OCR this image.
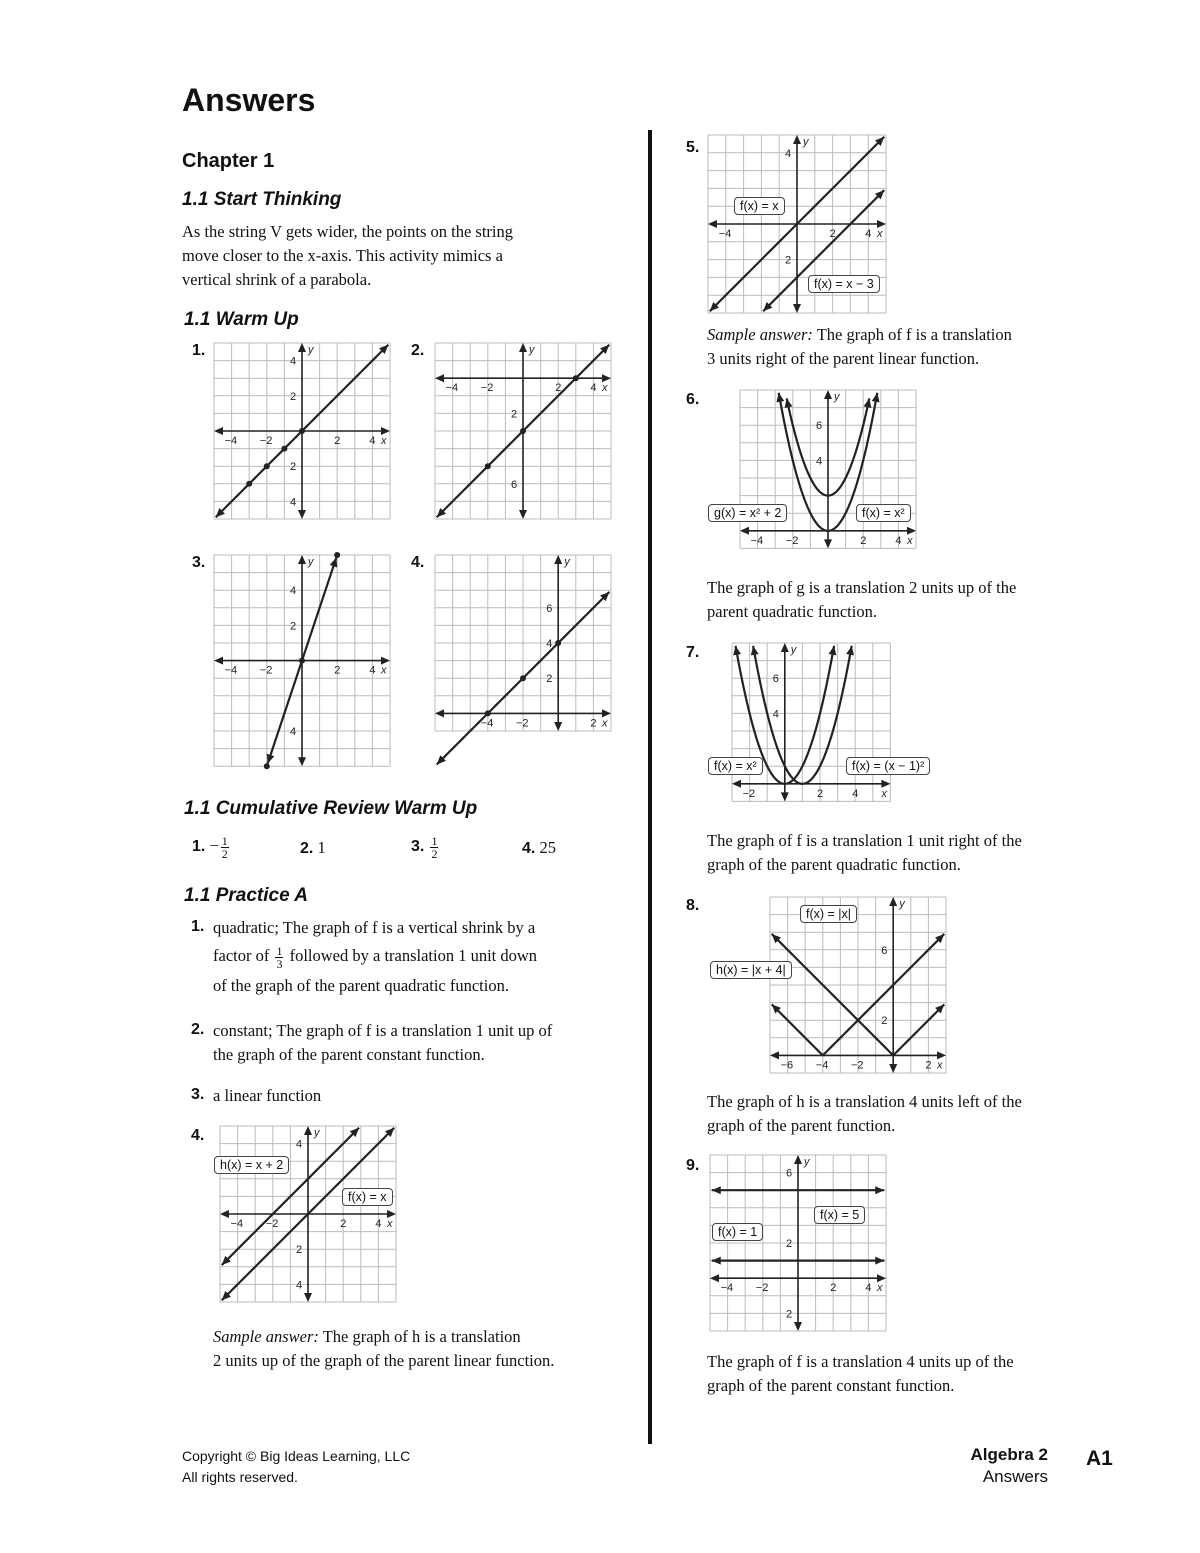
Answers
Chapter 1
1.1 Start Thinking
As the string V gets wider, the points on the string
move closer to the x-axis. This activity mimics a
vertical shrink of a parabola.
1.1 Warm Up
1.	2.
3.	4.
−4 −2	2	4
4
2
2
4
x
y
−4 −2	2	4
2
6
x
y
−4 −2	2	4
4
2
4
x
y
−4 −2	2
6
4
2
x
y
1.1 Cumulative Review Warm Up
1. − $\frac{1}{2}$	2. 1	3. $\frac{1}{2}$	4. 25
1.1 Practice A
1. quadratic; The graph of f is a vertical shrink by a
factor of $\frac{1}{3}$ followed by a translation 1 unit down
of the graph of the parent quadratic function.
2. constant; The graph of f is a translation 1 unit up of
the graph of the parent constant function.
3. a linear function
4.
−4 −2	2	4
4
2
4
x
y
Sample answer: The graph of h is a translation
2 units up of the graph of the parent linear function.
5.
−4	2	4
4
2
x
y
Sample answer: The graph of f is a translation
3 units right of the parent linear function.
6.
−4 −2	2	4
6
4
x
y
The graph of g is a translation 2 units up of the
parent quadratic function.
7.
−2	2	4
6
4
x
y
The graph of f is a translation 1 unit right of the
graph of the parent quadratic function.
8.
−6 −4 −2	2
6
2
x
y
The graph of h is a translation 4 units left of the
graph of the parent function.
9.
−4 −2	2	4
6
2
2
x
y
The graph of f is a translation 4 units up of the
graph of the parent constant function.
Copyright © Big Ideas Learning, LLC
All rights reserved.
Algebra 2
Answers
A1
h(x) = x + 2
f(x) = x
f(x) = x
f(x) = x − 3
g(x) = x² + 2	f(x) = x²
f(x) = x²	f(x) = (x − 1)²
f(x) = |x|
h(x) = |x + 4|
f(x) = 5
f(x) = 1
